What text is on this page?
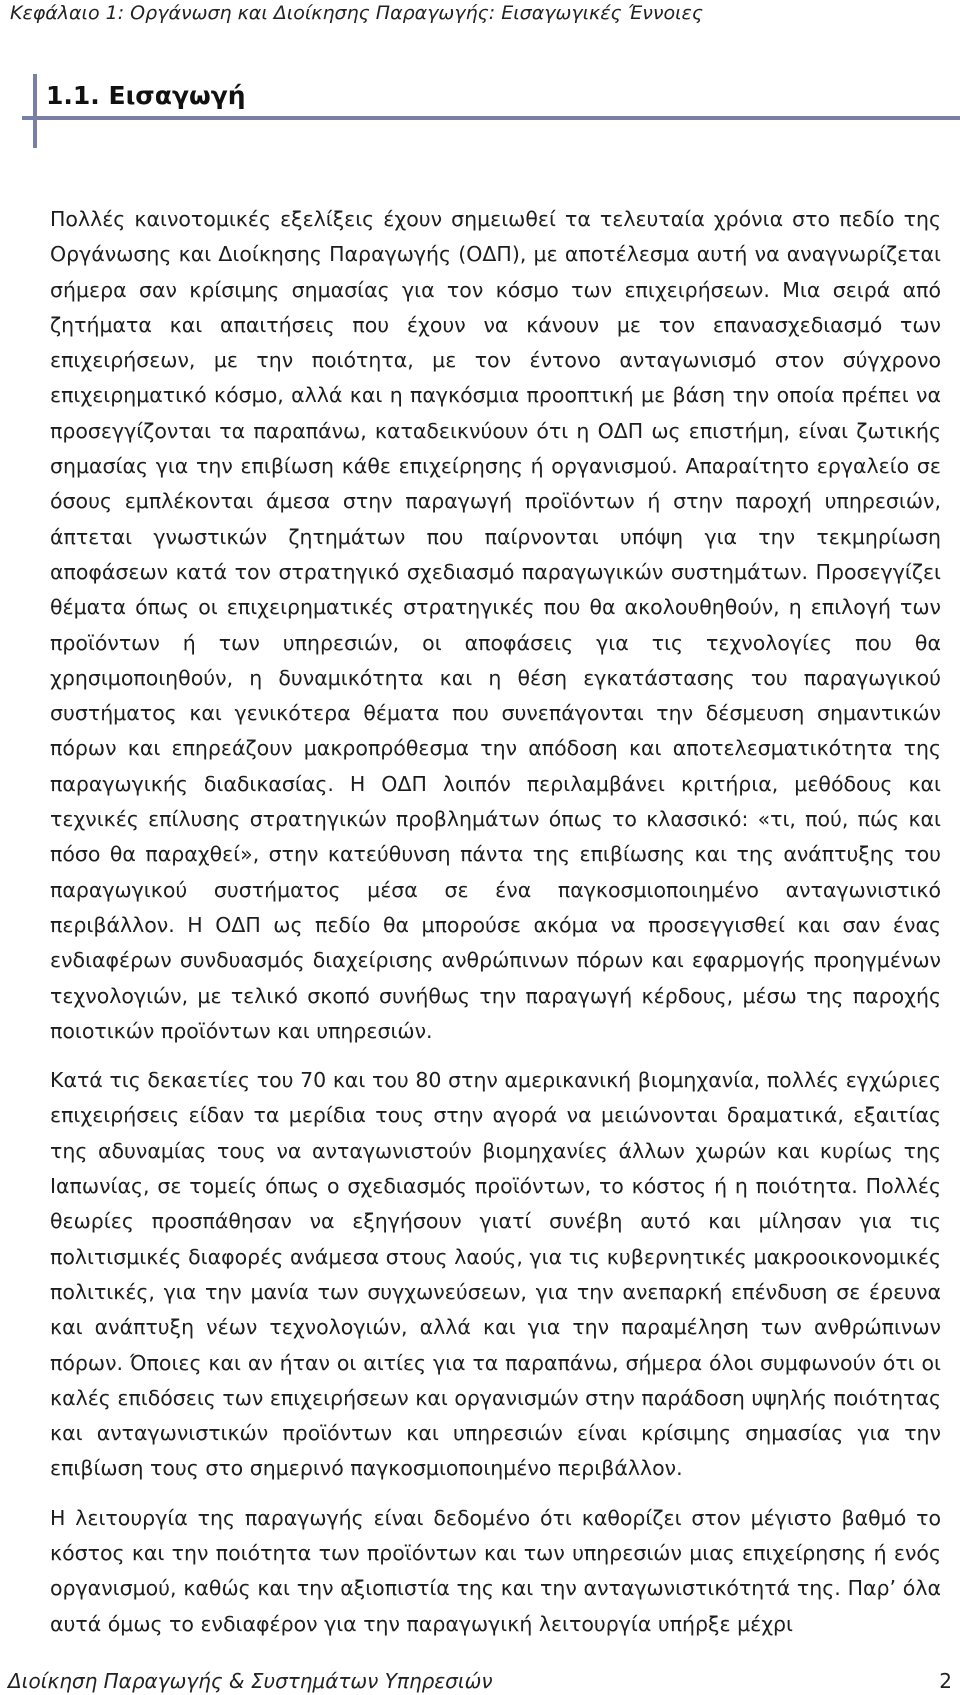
Κεφάλαιο 1: Οργάνωση και Διοίκησης Παραγωγής: Εισαγωγικές Έννοιες
1.1. Εισαγωγή

Πολλές καινοτομικές εξελίξεις έχουν σημειωθεί τα τελευταία χρόνια στο πεδίο της Οργάνωσης και Διοίκησης Παραγωγής (ΟΔΠ), με αποτέλεσμα αυτή να αναγνωρίζεται σήμερα σαν κρίσιμης σημασίας για τον κόσμο των επιχειρήσεων. Μια σειρά από ζητήματα και απαιτήσεις που έχουν να κάνουν με τον επανασχεδιασμό των επιχειρήσεων, με την ποιότητα, με τον έντονο ανταγωνισμό στον σύγχρονο επιχειρηματικό κόσμο, αλλά και η παγκόσμια προοπτική με βάση την οποία πρέπει να προσεγγίζονται τα παραπάνω, καταδεικνύουν ότι η ΟΔΠ ως επιστήμη, είναι ζωτικής σημασίας για την επιβίωση κάθε επιχείρησης ή οργανισμού. Απαραίτητο εργαλείο σε όσους εμπλέκονται άμεσα στην παραγωγή προϊόντων ή στην παροχή υπηρεσιών, άπτεται γνωστικών ζητημάτων που παίρνονται υπόψη για την τεκμηρίωση αποφάσεων κατά τον στρατηγικό σχεδιασμό παραγωγικών συστημάτων. Προσεγγίζει θέματα όπως οι επιχειρηματικές στρατηγικές που θα ακολουθηθούν, η επιλογή των προϊόντων ή των υπηρεσιών, οι αποφάσεις για τις τεχνολογίες που θα χρησιμοποιηθούν, η δυναμικότητα και η θέση εγκατάστασης του παραγωγικού συστήματος και γενικότερα θέματα που συνεπάγονται την δέσμευση σημαντικών πόρων και επηρεάζουν μακροπρόθεσμα την απόδοση και αποτελεσματικότητα της παραγωγικής διαδικασίας. Η ΟΔΠ λοιπόν περιλαμβάνει κριτήρια, μεθόδους και τεχνικές επίλυσης στρατηγικών προβλημάτων όπως το κλασσικό: «τι, πού, πώς και πόσο θα παραχθεί», στην κατεύθυνση πάντα της επιβίωσης και της ανάπτυξης του παραγωγικού συστήματος μέσα σε ένα παγκοσμιοποιημένο ανταγωνιστικό περιβάλλον. Η ΟΔΠ ως πεδίο θα μπορούσε ακόμα να προσεγγισθεί και σαν ένας ενδιαφέρων συνδυασμός διαχείρισης ανθρώπινων πόρων και εφαρμογής προηγμένων τεχνολογιών, με τελικό σκοπό συνήθως την παραγωγή κέρδους, μέσω της παροχής ποιοτικών προϊόντων και υπηρεσιών.

Κατά τις δεκαετίες του 70 και του 80 στην αμερικανική βιομηχανία, πολλές εγχώριες επιχειρήσεις είδαν τα μερίδια τους στην αγορά να μειώνονται δραματικά, εξαιτίας της αδυναμίας τους να ανταγωνιστούν βιομηχανίες άλλων χωρών και κυρίως της Ιαπωνίας, σε τομείς όπως ο σχεδιασμός προϊόντων, το κόστος ή η ποιότητα. Πολλές θεωρίες προσπάθησαν να εξηγήσουν γιατί συνέβη αυτό και μίλησαν για τις πολιτισμικές διαφορές ανάμεσα στους λαούς, για τις κυβερνητικές μακροοικονομικές πολιτικές, για την μανία των συγχωνεύσεων, για την ανεπαρκή επένδυση σε έρευνα και ανάπτυξη νέων τεχνολογιών, αλλά και για την παραμέληση των ανθρώπινων πόρων. Όποιες και αν ήταν οι αιτίες για τα παραπάνω, σήμερα όλοι συμφωνούν ότι οι καλές επιδόσεις των επιχειρήσεων και οργανισμών στην παράδοση υψηλής ποιότητας και ανταγωνιστικών προϊόντων και υπηρεσιών είναι κρίσιμης σημασίας για την επιβίωση τους στο σημερινό παγκοσμιοποιημένο περιβάλλον.

Η λειτουργία της παραγωγής είναι δεδομένο ότι καθορίζει στον μέγιστο βαθμό το κόστος και την ποιότητα των προϊόντων και των υπηρεσιών μιας επιχείρησης ή ενός οργανισμού, καθώς και την αξιοπιστία της και την ανταγωνιστικότητά της. Παρ’ όλα αυτά όμως το ενδιαφέρον για την παραγωγική λειτουργία υπήρξε μέχρι

Διοίκηση Παραγωγής & Συστημάτων Υπηρεσιών	2
